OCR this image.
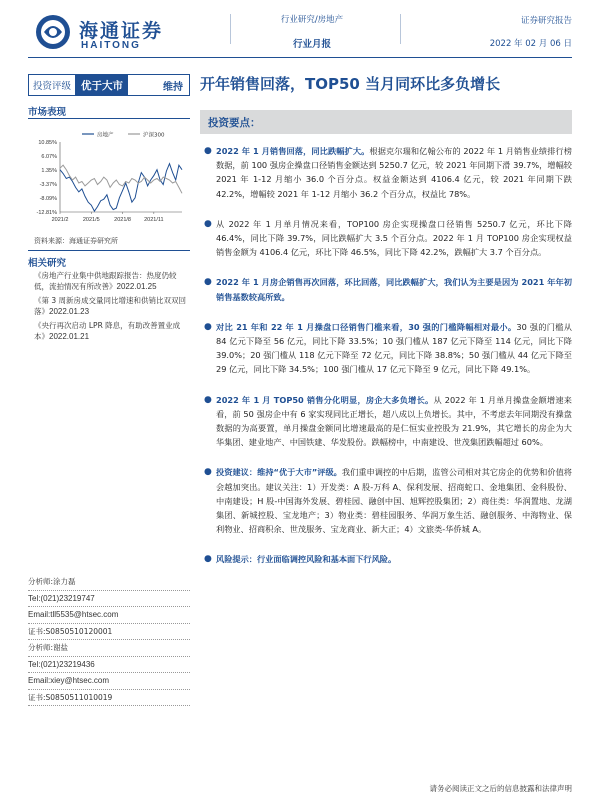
海通证券
HAITONG
行业研究/房地产
行业月报
证券研究报告
2022 年 02 月 06 日
投资评级 优于大市	维持	开年销售回落，TOP50 当月同环比多负增长
市场表现
房地产	沪深300
10.85%
6.07%
1.35%
-3.37%
-8.09%
-12.81%
2021/2	2021/5	2021/8 2021/11
资料来源：海通证券研究所
相关研究
《房地产行业集中供地跟踪报告：热度仍较低，流拍情况有所改善》2022.01.25
《第 3 周新房成交量同比增速和供销比双双回落》2022.01.23
《央行再次启动 LPR 降息，有助改善置业成本》2022.01.21
分析师:涂力磊
Tel:(021)23219747
Email:tll5535@htsec.com
证书:S0850510120001
分析师:谢盐
Tel:(021)23219436
Email:xiey@htsec.com
证书:S0850511010019
投资要点：
● 2022 年 1 月销售回落，同比跌幅扩大。根据克尔瑞和亿翰公布的 2022 年 1 月销售业绩排行榜数据，前 100 强房企操盘口径销售金额达到 5250.7 亿元，较 2021 年同期下滑 39.7%，增幅较 2021 年 1-12 月缩小 36.0 个百分点。权益金额达到 4106.4 亿元，较 2021 年同期下跌 42.2%，增幅较 2021 年 1-12 月缩小 36.2 个百分点，权益比 78%。
● 从 2022 年 1 月单月情况来看，TOP100 房企实现操盘口径销售 5250.7 亿元，环比下降 46.4%，同比下降 39.7%，同比跌幅扩大 3.5 个百分点。2022 年 1 月 TOP100 房企实现权益销售金额为 4106.4 亿元，环比下降 46.5%，同比下降 42.2%，跌幅扩大 3.7 个百分点。
● 2022 年 1 月房企销售再次回落，环比回落，同比跌幅扩大，我们认为主要是因为 2021 年年初销售基数较高所致。
● 对比 21 年和 22 年 1 月操盘口径销售门槛来看，30 强的门槛降幅相对最小。30 强的门槛从 84 亿元下降至 56 亿元，同比下降 33.5%；10 强门槛从 187 亿元下降至 114 亿元，同比下降 39.0%；20 强门槛从 118 亿元下降至 72 亿元，同比下降 38.8%；50 强门槛从 44 亿元下降至 29 亿元，同比下降 34.5%；100 强门槛从 17 亿元下降至 9 亿元，同比下降 49.1%。
● 2022 年 1 月 TOP50 销售分化明显，房企大多负增长。从 2022 年 1 月单月操盘金额增速来看，前 50 强房企中有 6 家实现同比正增长，超八成以上负增长。其中，不考虑去年同期没有操盘数据的为高要置，单月操盘金额同比增速最高的是仁恒实业控股为 21.9%，其它增长的房企为大华集团、建业地产、中国铁建、华发股份。跌幅榜中，中南建设、世茂集团跌幅超过 60%。
● 投资建议：维持“优于大市”评级。我们重申调控的中后期，监管公司相对其它房企的优势和价值将会越加突出。建议关注：1）开发类：A 股-万科 A、保利发展、招商蛇口、金地集团、金科股份、中南建设；H 股-中国海外发展、碧桂园、融创中国、旭辉控股集团；2）商住类：华润置地、龙湖集团、新城控股、宝龙地产；3）物业类：碧桂园服务、华润万象生活、融创服务、中海物业、保利物业、招商积余、世茂服务、宝龙商业、新大正；4）文旅类-华侨城 A。
● 风险提示：行业面临调控风险和基本面下行风险。
请务必阅读正文之后的信息披露和法律声明
